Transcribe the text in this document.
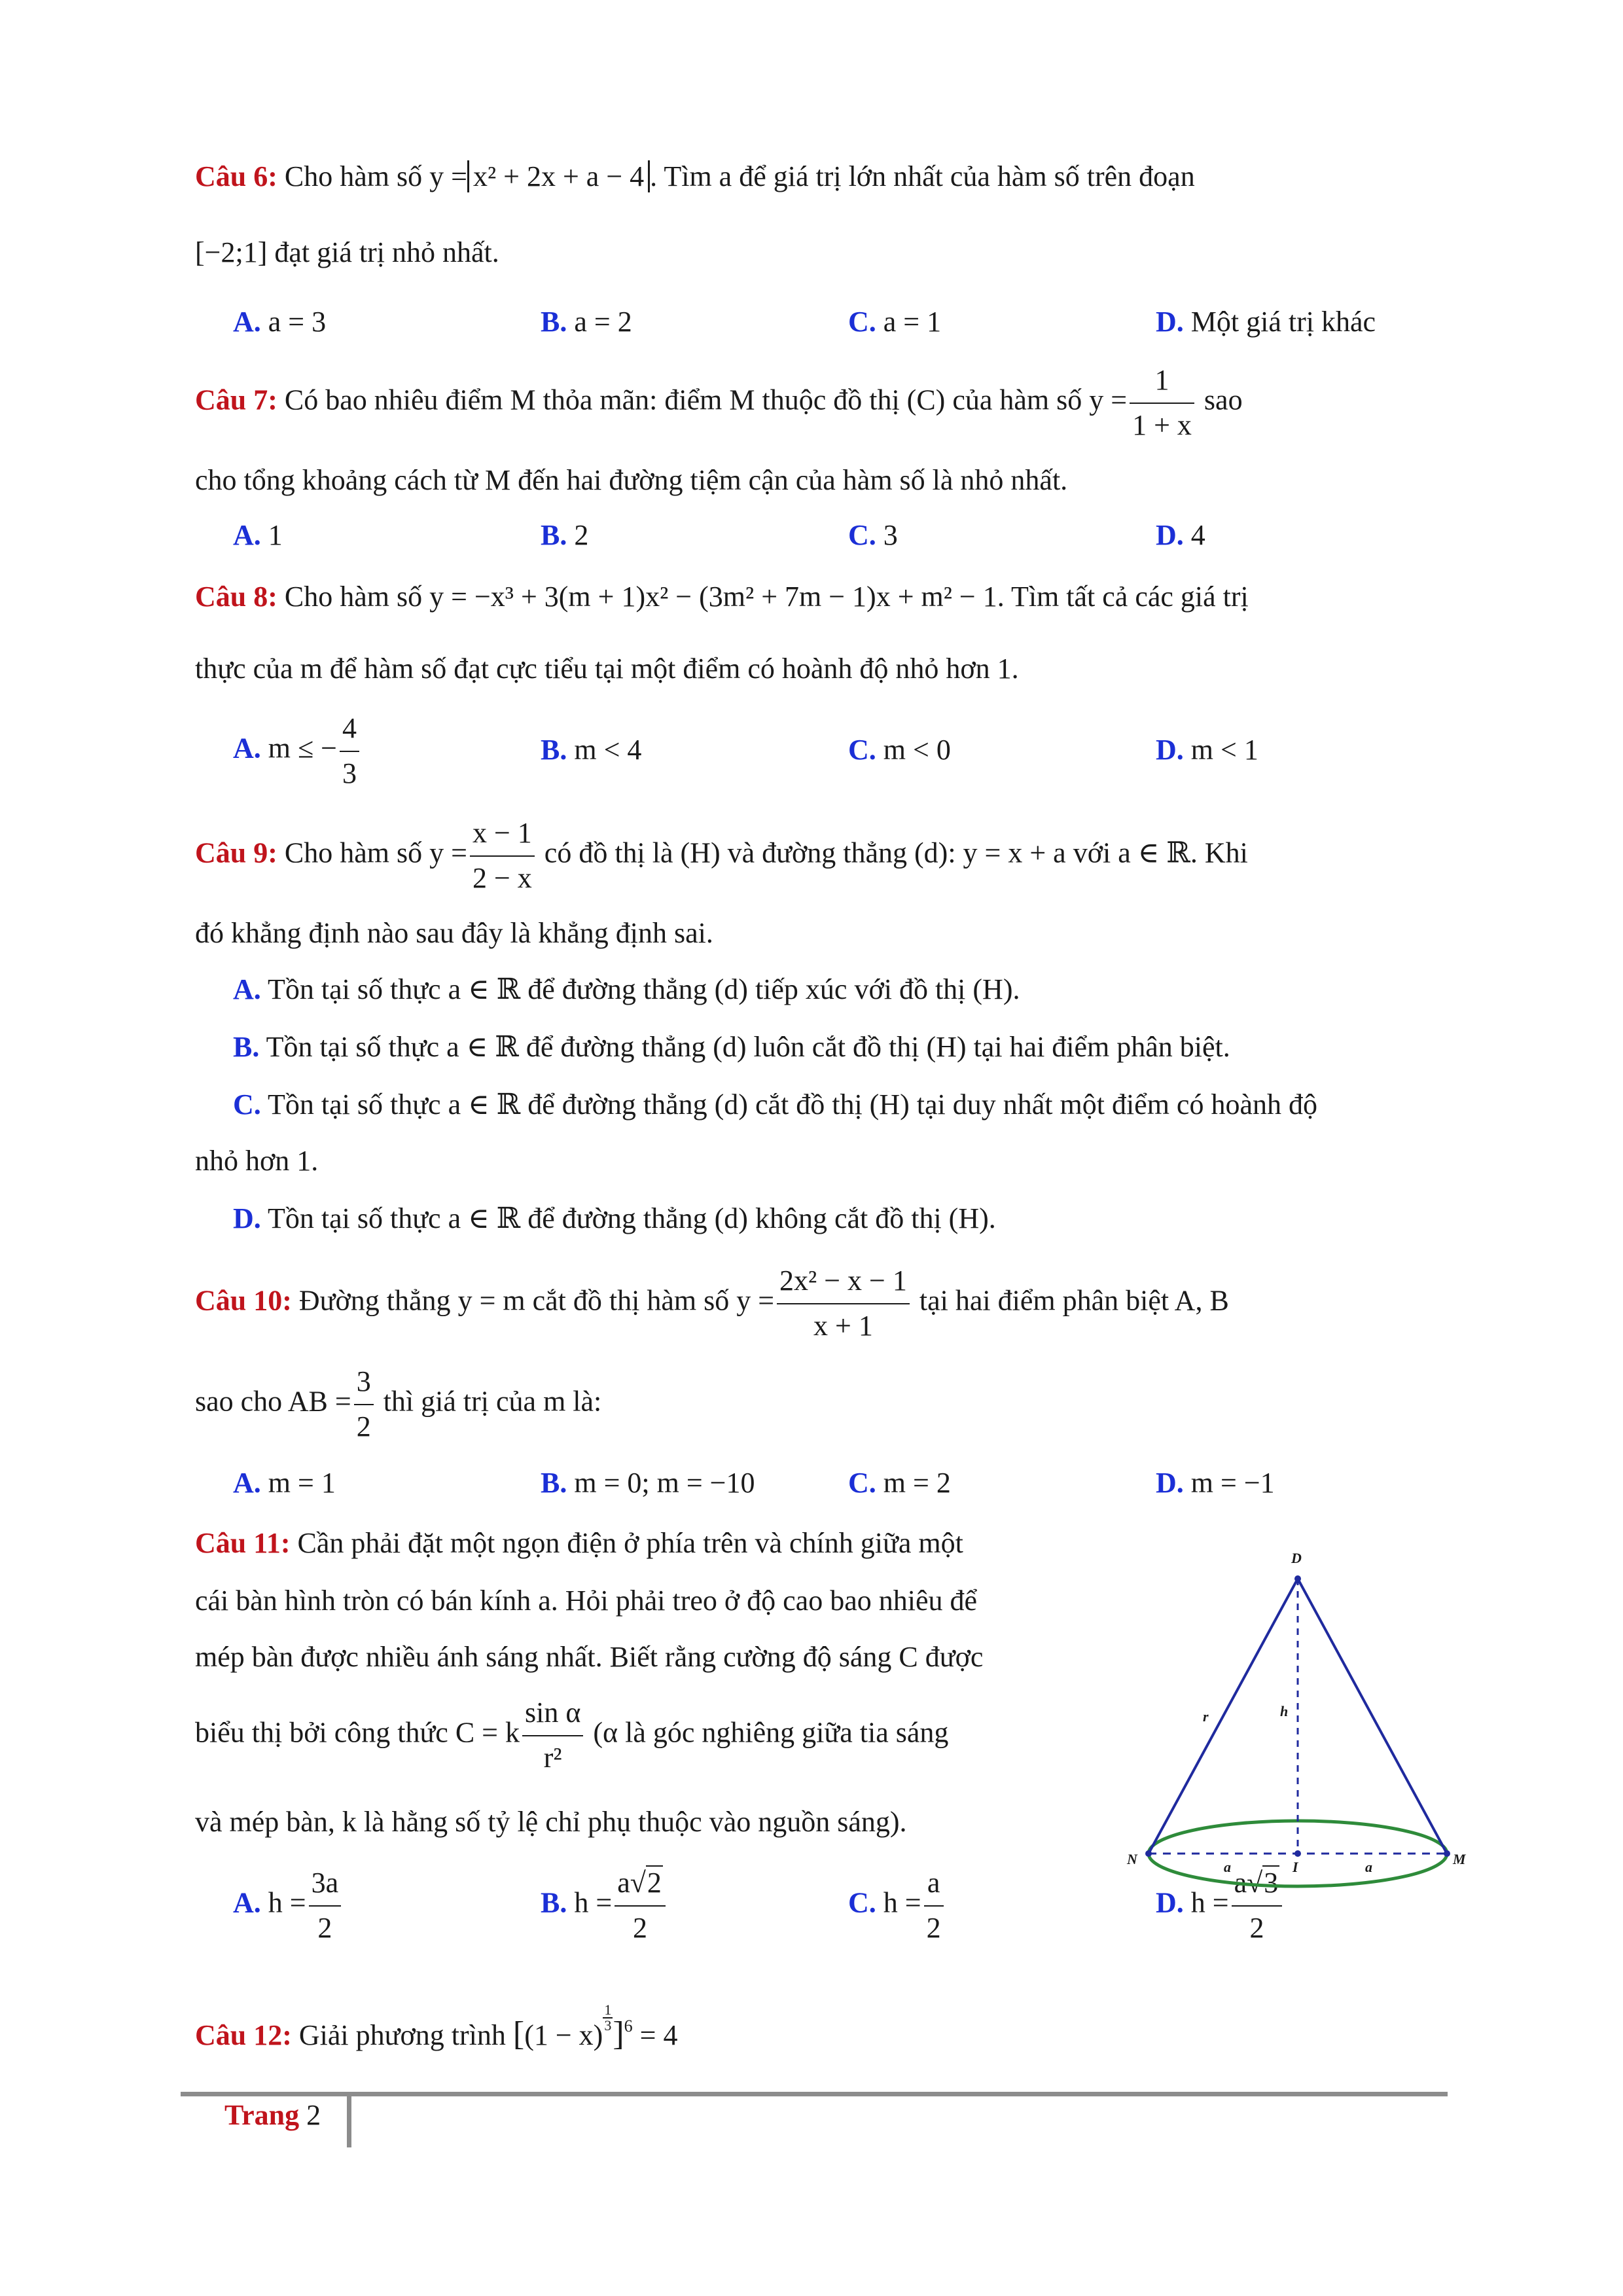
Câu 6: Cho hàm số y = x² + 2x + a − 4 . Tìm a để giá trị lớn nhất của hàm số trên đoạn
[−2;1] đạt giá trị nhỏ nhất.
A. a = 3	B. a = 2	C. a = 1	D. Một giá trị khác
Câu 7: Có bao nhiêu điểm M thỏa mãn: điểm M thuộc đồ thị (C) của hàm số $y = \frac{1}{1 + x}$ sao
cho tổng khoảng cách từ M đến hai đường tiệm cận của hàm số là nhỏ nhất.
A. 1	B. 2	C. 3	D. 4
Câu 8: Cho hàm số y = −x³ + 3(m + 1)x² − (3m² + 7m − 1)x + m² − 1. Tìm tất cả các giá trị
thực của m để hàm số đạt cực tiểu tại một điểm có hoành độ nhỏ hơn 1.
A. m ≤ − $\frac{4}{3}$	B. m < 4	C. m < 0	D. m < 1
Câu 9: Cho hàm số $y = \frac{x - 1}{2 - x}$ có đồ thị là (H) và đường thẳng (d): y = x + a với a ∈ ℝ. Khi
đó khẳng định nào sau đây là khẳng định sai.
A. Tồn tại số thực a ∈ ℝ để đường thẳng (d) tiếp xúc với đồ thị (H).
B. Tồn tại số thực a ∈ ℝ để đường thẳng (d) luôn cắt đồ thị (H) tại hai điểm phân biệt.
C. Tồn tại số thực a ∈ ℝ để đường thẳng (d) cắt đồ thị (H) tại duy nhất một điểm có hoành độ
nhỏ hơn 1.
D. Tồn tại số thực a ∈ ℝ để đường thẳng (d) không cắt đồ thị (H).
Câu 10: Đường thẳng y = m cắt đồ thị hàm số $y = \frac{\text{2x² − x − 1}}{x + 1}$ tại hai điểm phân biệt A, B
sao cho AB = $\frac{3}{2}$ thì giá trị của m là:
A. m = 1	B. m = 0; m = −10	C. m = 2	D. m = −1
Câu 11: Cần phải đặt một ngọn điện ở phía trên và chính giữa một
cái bàn hình tròn có bán kính a. Hỏi phải treo ở độ cao bao nhiêu để
mép bàn được nhiều ánh sáng nhất. Biết rằng cường độ sáng C được
biểu thị bởi công thức C = k $\frac{\text{sin α}}{\text{r²}} (\alpha$ là góc nghiêng giữa tia sáng
và mép bàn, k là hằng số tỷ lệ chỉ phụ thuộc vào nguồn sáng).
A. $h = \frac{3a}{2}$	B. $h = \frac{a√2}{2}$	C. $h = \frac{a}{2}$	D. $h = \frac{a√3}{2}$
D
r	h
N	M
I
a	a
Câu 12: Giải phương trình [(1 − x)
$\frac{1}{3} ]^6 = 4$
Trang 2
